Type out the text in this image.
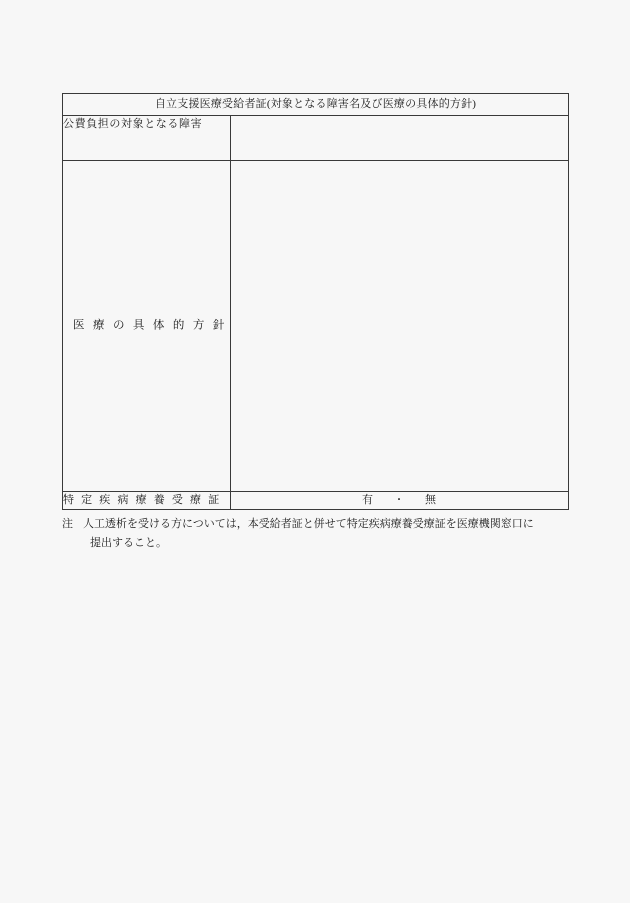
自立支援医療受給者証(対象となる障害名及び医療の具体的方針)	
公費負担の対象となる障害	

医 療 の 具 体 的 方 針	

特 定 疾 病 療 養 受 療 証	有 ・ 無
注 人工透析を受ける方については，本受給者証と併せて特定疾病療養受療証を医療機関窓口に
提出すること。
